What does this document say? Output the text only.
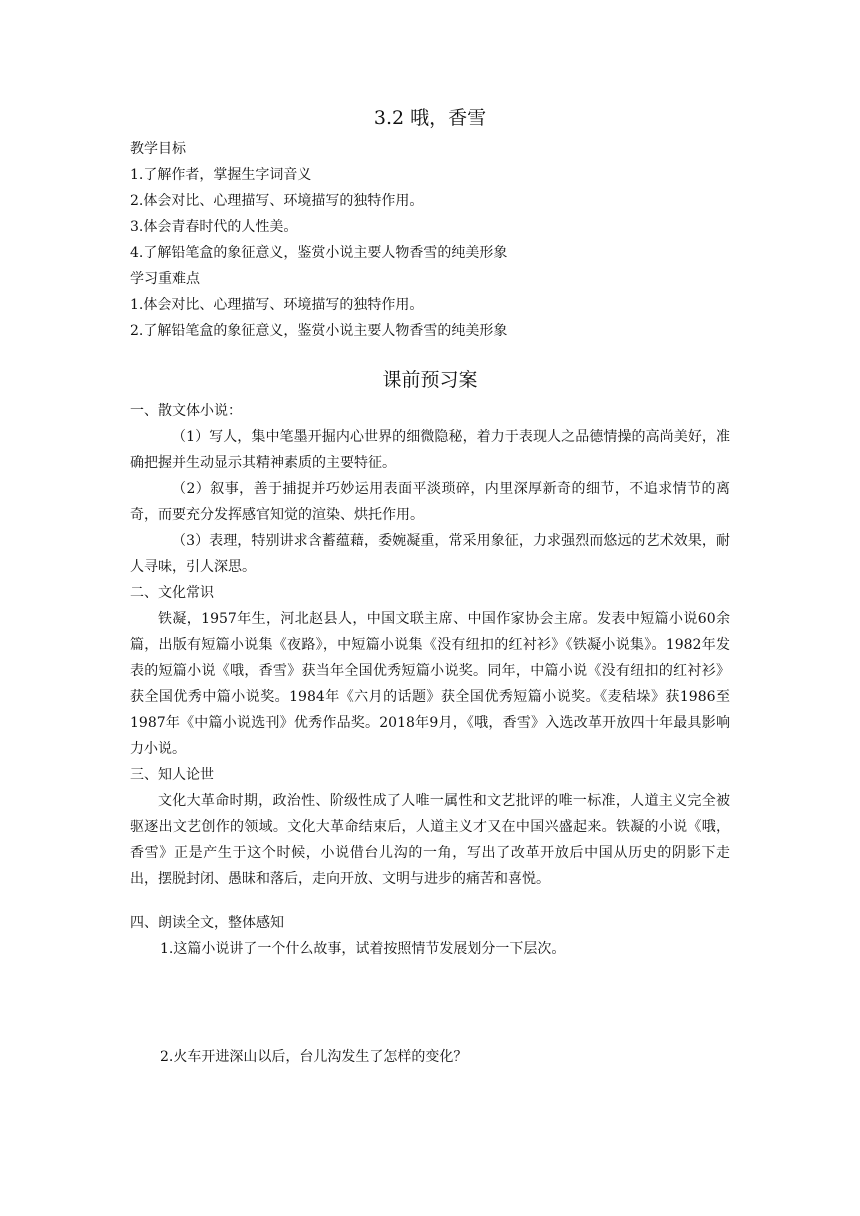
3.2 哦，香雪

教学目标

1.了解作者，掌握生字词音义

2.体会对比、心理描写、环境描写的独特作用。

3.体会青春时代的人性美。

4.了解铅笔盒的象征意义，鉴赏小说主要人物香雪的纯美形象

学习重难点

1.体会对比、心理描写、环境描写的独特作用。

2.了解铅笔盒的象征意义，鉴赏小说主要人物香雪的纯美形象

课前预习案

一、散文体小说：

（1）写人，集中笔墨开掘内心世界的细微隐秘，着力于表现人之品德情操的高尚美好，准确把握并生动显示其精神素质的主要特征。

（2）叙事，善于捕捉并巧妙运用表面平淡琐碎，内里深厚新奇的细节，不追求情节的离奇，而要充分发挥感官知觉的渲染、烘托作用。

（3）表理，特别讲求含蓄蕴藉，委婉凝重，常采用象征，力求强烈而悠远的艺术效果，耐人寻味，引人深思。

二、文化常识

铁凝，1957年生，河北赵县人，中国文联主席、中国作家协会主席。发表中短篇小说60余篇，出版有短篇小说集《夜路》，中短篇小说集《没有纽扣的红衬衫》《铁凝小说集》。1982年发表的短篇小说《哦，香雪》获当年全国优秀短篇小说奖。同年，中篇小说《没有纽扣的红衬衫》获全国优秀中篇小说奖。1984年《六月的话题》获全国优秀短篇小说奖。《麦秸垛》获1986至1987年《中篇小说选刊》优秀作品奖。2018年9月，《哦，香雪》入选改革开放四十年最具影响力小说。

三、知人论世

文化大革命时期，政治性、阶级性成了人唯一属性和文艺批评的唯一标准，人道主义完全被驱逐出文艺创作的领域。文化大革命结束后，人道主义才又在中国兴盛起来。铁凝的小说《哦，香雪》正是产生于这个时候，小说借台儿沟的一角，写出了改革开放后中国从历史的阴影下走出，摆脱封闭、愚昧和落后，走向开放、文明与进步的痛苦和喜悦。

四、朗读全文，整体感知

1.这篇小说讲了一个什么故事，试着按照情节发展划分一下层次。

2.火车开进深山以后，台儿沟发生了怎样的变化？
